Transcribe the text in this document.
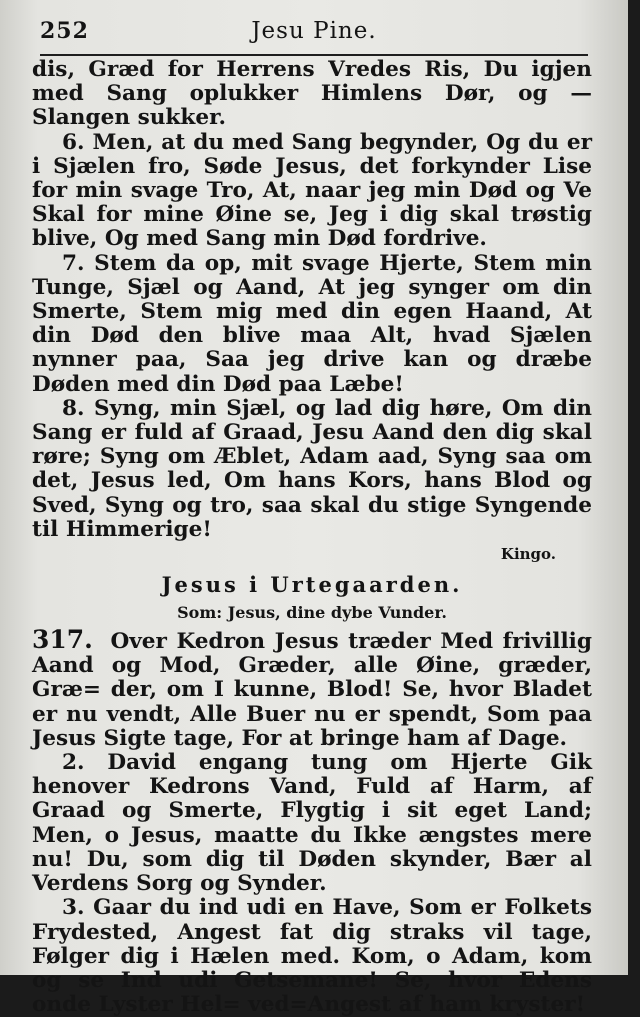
252	Jesu Pine.

dis, Græd for Herrens Vredes Ris, Du igjen med Sang oplukker Himlens Dør, og — Slangen sukker.

6. Men, at du med Sang begynder, Og du er i Sjælen fro, Søde Jesus, det forkynder Lise for min svage Tro, At, naar jeg min Død og Ve Skal for mine Øine se, Jeg i dig skal trøstig blive, Og med Sang min Død fordrive.

7. Stem da op, mit svage Hjerte, Stem min Tunge, Sjæl og Aand, At jeg synger om din Smerte, Stem mig med din egen Haand, At din Død den blive maa Alt, hvad Sjælen nynner paa, Saa jeg drive kan og dræbe Døden med din Død paa Læbe!

8. Syng, min Sjæl, og lad dig høre, Om din Sang er fuld af Graad, Jesu Aand den dig skal røre; Syng om Æblet, Adam aad, Syng saa om det, Jesus led, Om hans Kors, hans Blod og Sved, Syng og tro, saa skal du stige Syngende til Himmerige!

Kingo.
Jesus i Urtegaarden.
Som: Jesus, dine dybe Vunder.

317. Over Kedron Jesus træder Med frivillig Aand og Mod, Græder, alle Øine, græder, Græ= der, om I kunne, Blod! Se, hvor Bladet er nu vendt, Alle Buer nu er spendt, Som paa Jesus Sigte tage, For at bringe ham af Dage.

2. David engang tung om Hjerte Gik henover Kedrons Vand, Fuld af Harm, af Graad og Smerte, Flygtig i sit eget Land; Men, o Jesus, maatte du Ikke ængstes mere nu! Du, som dig til Døden skynder, Bær al Verdens Sorg og Synder.

3. Gaar du ind udi en Have, Som er Folkets Frydested, Angest fat dig straks vil tage, Følger dig i Hælen med. Kom, o Adam, kom og se Ind udi Getsemane! Se, hvor Edens onde Lyster Hel= ved=Angest af ham kryster!
